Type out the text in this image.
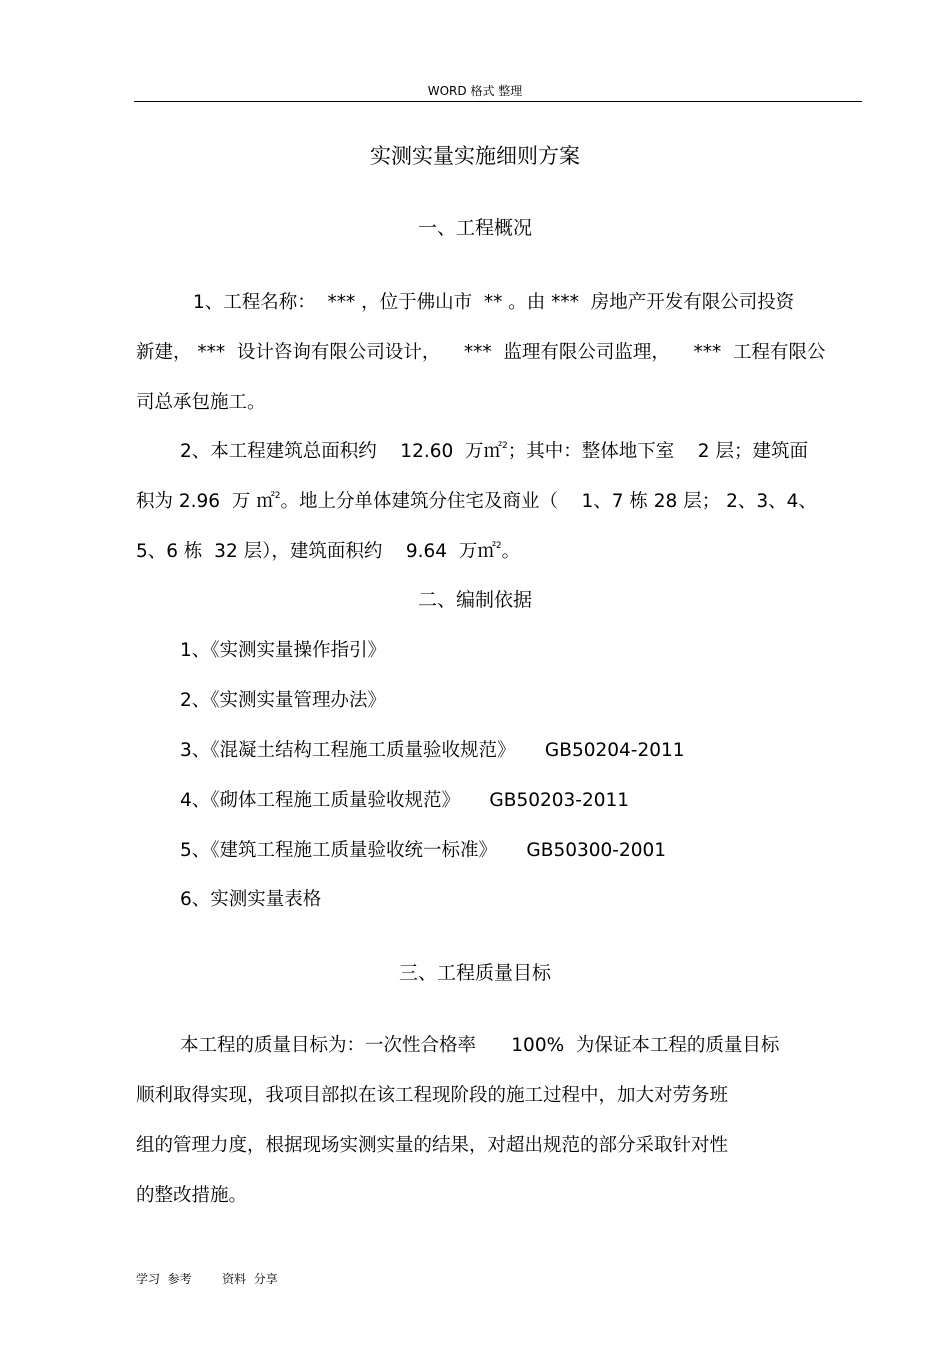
WORD 格式 整理
实测实量实施细则方案
一、工程概况
1、工程名称：  *** ，位于佛山市  ** 。由 ***  房地产开发有限公司投资
新建， ***  设计咨询有限公司设计，    ***  监理有限公司监理，    ***  工程有限公
司总承包施工。
2、本工程建筑总面积约    12.60  万㎡$^2$；其中：整体地下室    2 层；建筑面
积为 2.96  万 ㎡$^2$。地上分单体建筑分住宅及商业（    1、7 栋 28 层； 2、3、4、
5、6 栋  32 层），建筑面积约    9.64  万㎡$^2$。
二、编制依据
1、《实测实量操作指引》
2、《实测实量管理办法》
3、《混凝土结构工程施工质量验收规范》     GB50204-2011
4、《砌体工程施工质量验收规范》     GB50203-2011
5、《建筑工程施工质量验收统一标准》     GB50300-2001
6、实测实量表格
三、工程质量目标
本工程的质量目标为：一次性合格率      100%  为保证本工程的质量目标
顺利取得实现，我项目部拟在该工程现阶段的施工过程中，加大对劳务班
组的管理力度，根据现场实测实量的结果，对超出规范的部分采取针对性
的整改措施。
学习  参考        资料  分享
